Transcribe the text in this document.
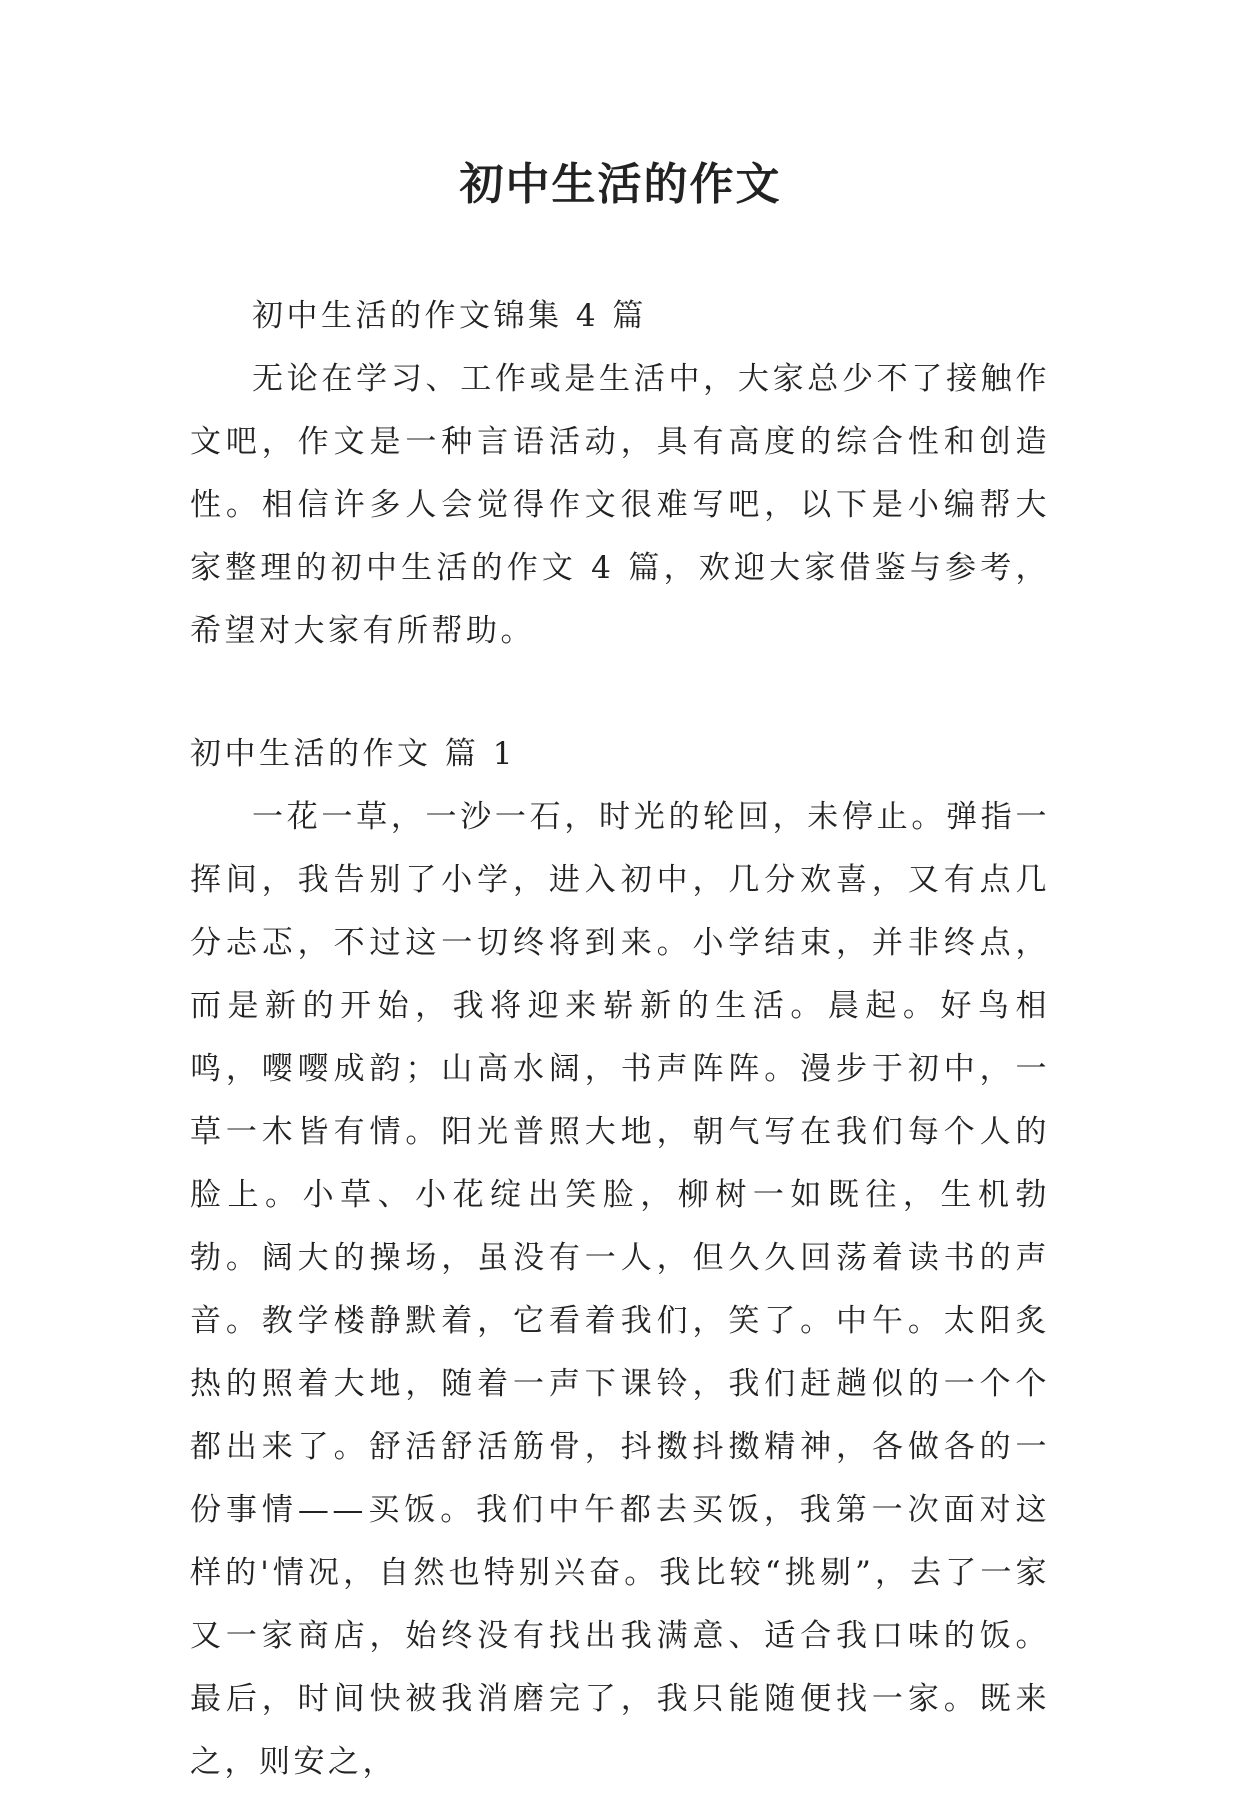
初中生活的作文

初中生活的作文锦集 4 篇

无论在学习、工作或是生活中，大家总少不了接触作文吧，作文是一种言语活动，具有高度的综合性和创造性。相信许多人会觉得作文很难写吧，以下是小编帮大家整理的初中生活的作文 4 篇，欢迎大家借鉴与参考，希望对大家有所帮助。

初中生活的作文 篇 1

一花一草，一沙一石，时光的轮回，未停止。弹指一挥间，我告别了小学，进入初中，几分欢喜，又有点几分忐忑，不过这一切终将到来。小学结束，并非终点，而是新的开始，我将迎来崭新的生活。晨起。好鸟相鸣，嘤嘤成韵；山高水阔，书声阵阵。漫步于初中，一草一木皆有情。阳光普照大地，朝气写在我们每个人的脸上。小草、小花绽出笑脸，柳树一如既往，生机勃勃。阔大的操场，虽没有一人，但久久回荡着读书的声音。教学楼静默着，它看着我们，笑了。中午。太阳炙热的照着大地，随着一声下课铃，我们赶趟似的一个个都出来了。舒活舒活筋骨，抖擞抖擞精神，各做各的一份事情——买饭。我们中午都去买饭，我第一次面对这样的'情况，自然也特别兴奋。我比较“挑剔”，去了一家又一家商店，始终没有找出我满意、适合我口味的饭。最后，时间快被我消磨完了，我只能随便找一家。既来之，则安之，
